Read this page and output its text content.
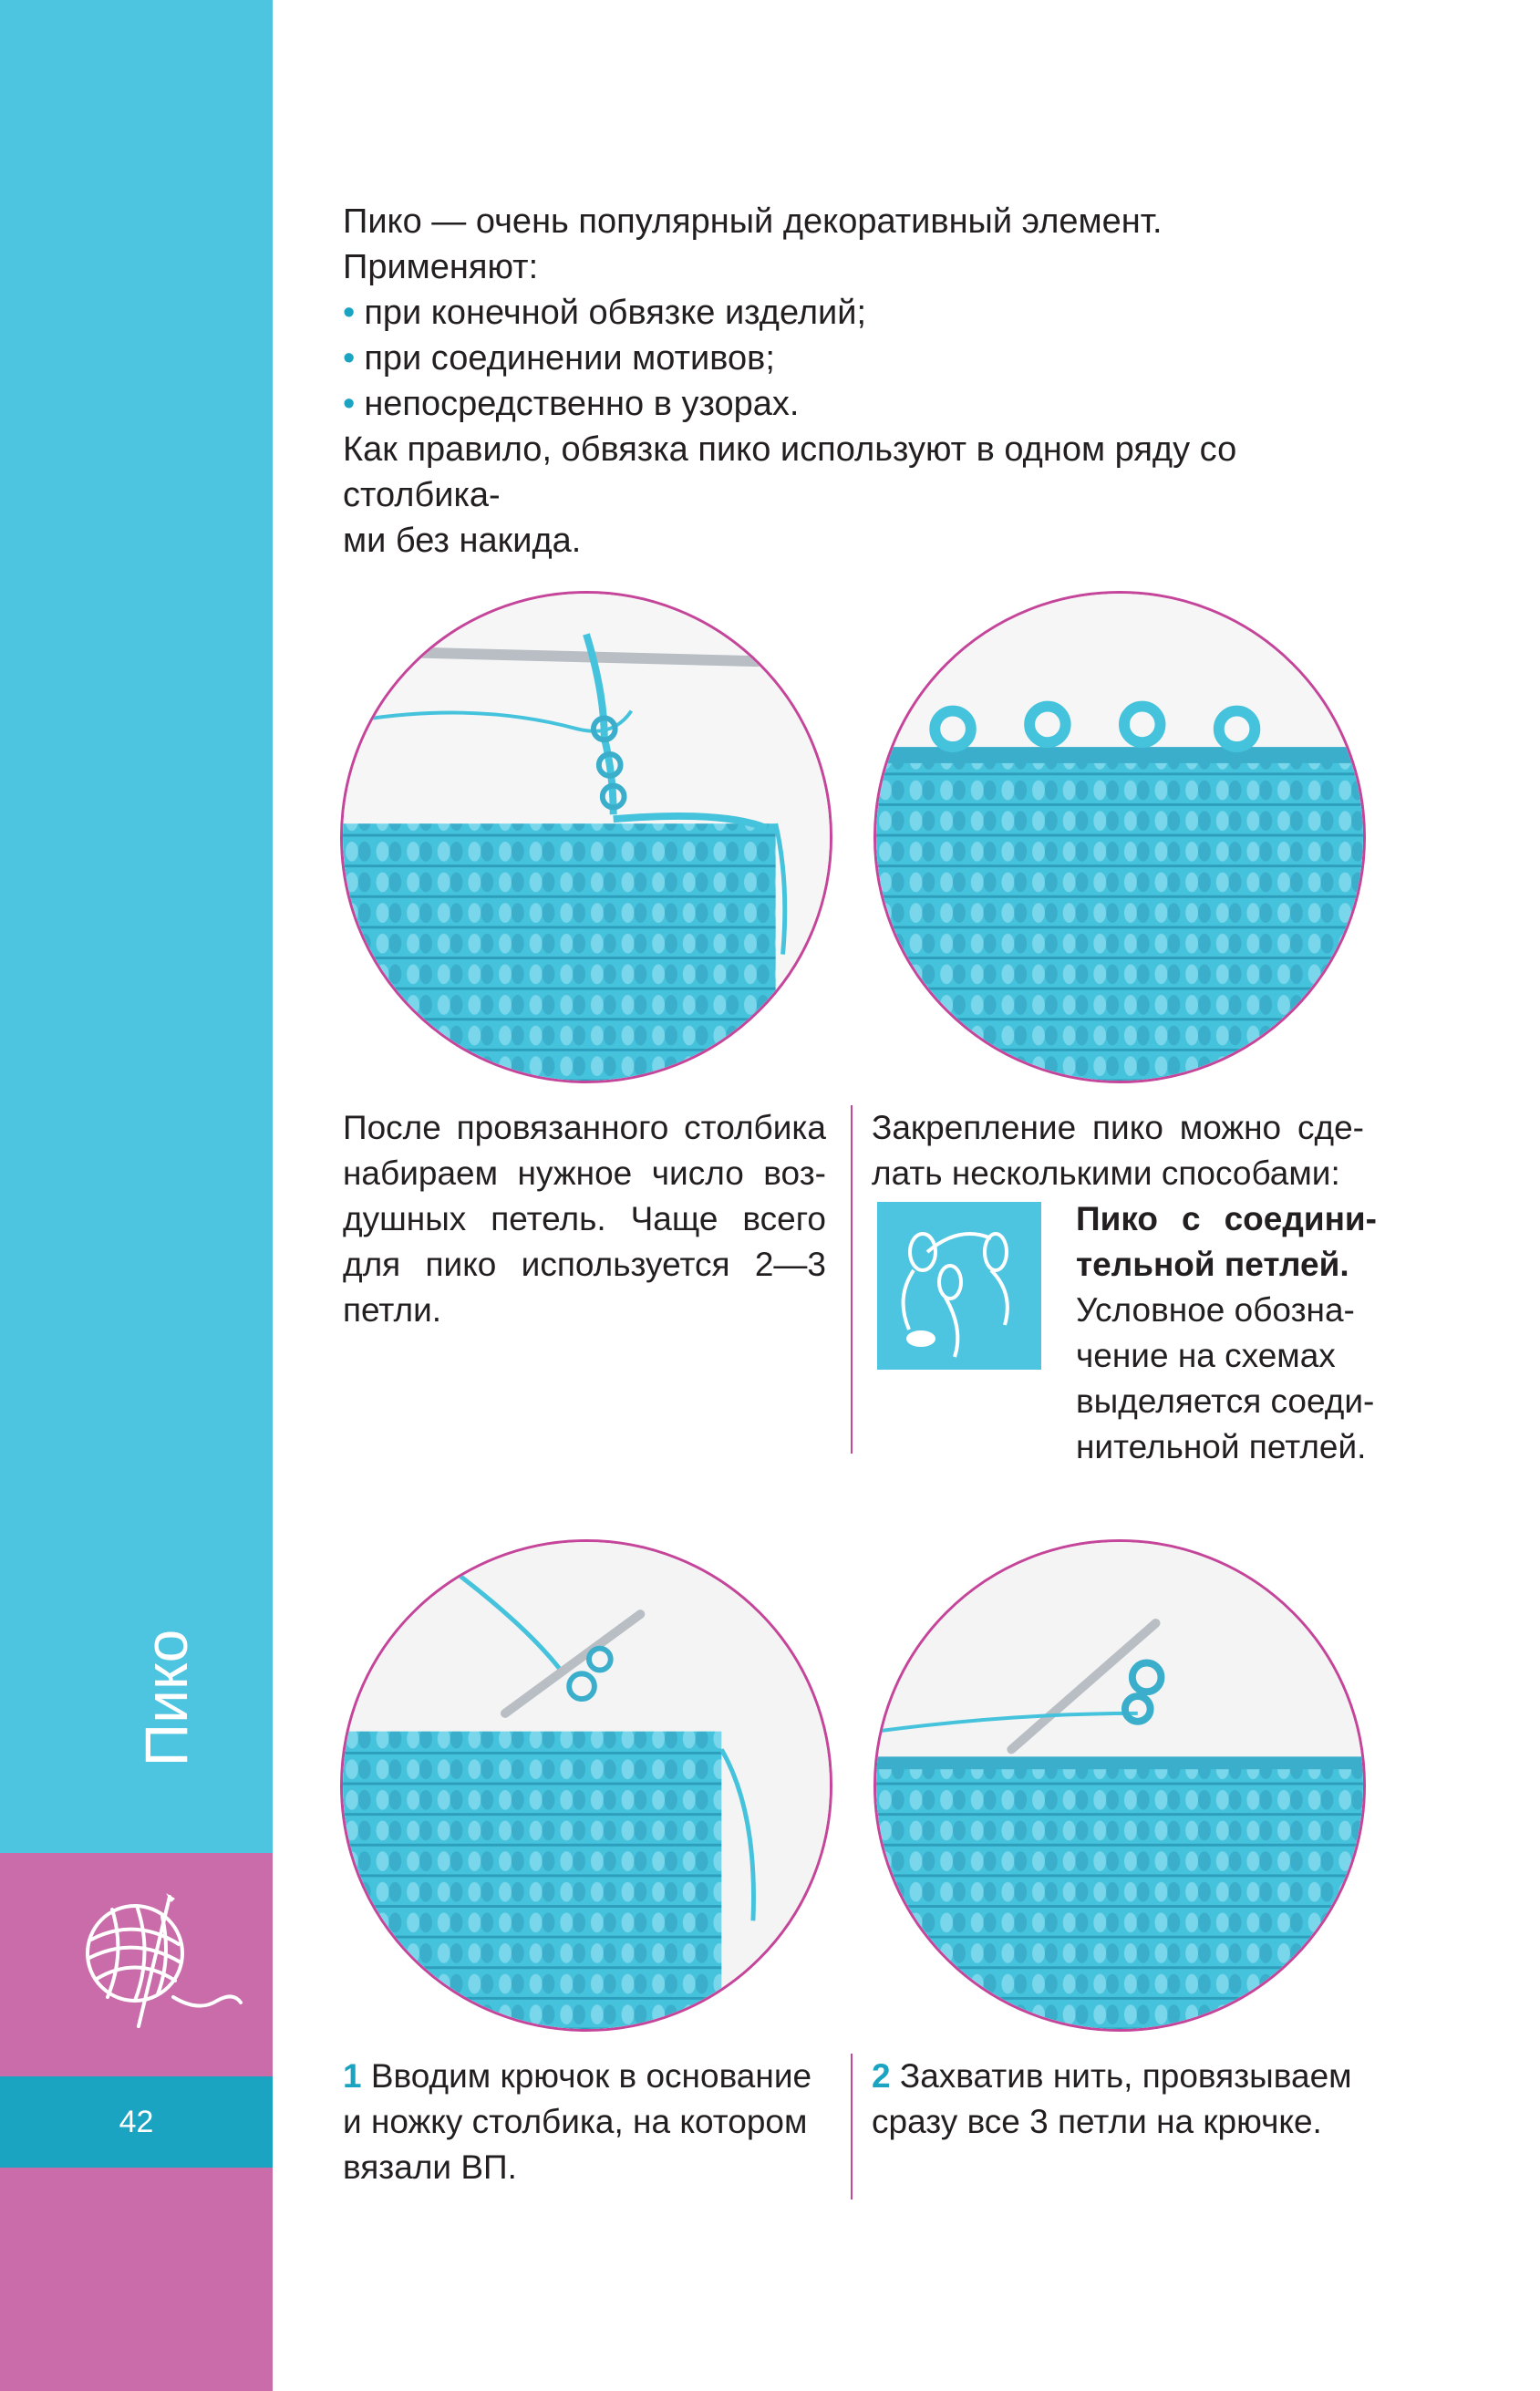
42
Пико

Пико — очень популярный декоративный элемент.

Применяют:

• при конечной обвязке изделий;

• при соединении мотивов;

• непосредственно в узорах.

Как правило, обвязка пико используют в одном ряду со столбика-

ми без накида.

После провязанного столбика набираем нужное число воз-душных петель. Чаще всего для пико используется 2—3 петли.
Закрепление пико можно сде-лать несколькими способами:
Пико с соедини-тельной петлей.
Условное обозна-чение на схемах выделяется соеди-нительной петлей.
1 Вводим крючок в основание и ножку столбика, на котором вязали ВП.
2 Захватив нить, провязываем сразу все 3 петли на крючке.
